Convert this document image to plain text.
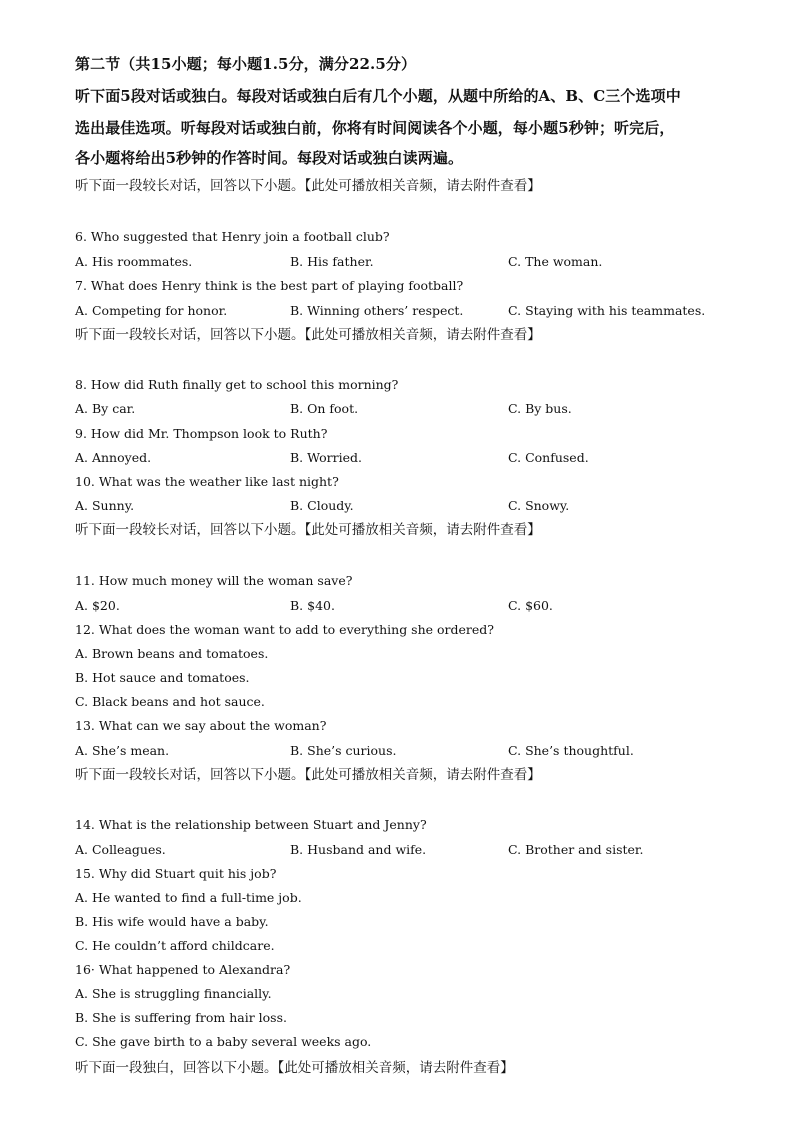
第二节（共15小题；每小题1.5分，满分22.5分）
听下面5段对话或独白。每段对话或独白后有几个小题，从题中所给的A、B、C三个选项中
选出最佳选项。听每段对话或独白前，你将有时间阅读各个小题，每小题5秒钟；听完后，
各小题将给出5秒钟的作答时间。每段对话或独白读两遍。
听下面一段较长对话，回答以下小题。【此处可播放相关音频，请去附件查看】
6. Who suggested that Henry join a football club?
A. His roommates.	B. His father.	C. The woman.
7. What does Henry think is the best part of playing football?
A. Competing for honor.	B. Winning others’ respect.	C. Staying with his teammates.
听下面一段较长对话，回答以下小题。【此处可播放相关音频，请去附件查看】
8. How did Ruth finally get to school this morning?
A. By car.	B. On foot.	C. By bus.
9. How did Mr. Thompson look to Ruth?
A. Annoyed.	B. Worried.	C. Confused.
10. What was the weather like last night?
A. Sunny.	B. Cloudy.	C. Snowy.
听下面一段较长对话，回答以下小题。【此处可播放相关音频，请去附件查看】
11. How much money will the woman save?
A. $20.	B. $40.	C. $60.
12. What does the woman want to add to everything she ordered?
A. Brown beans and tomatoes.
B. Hot sauce and tomatoes.
C. Black beans and hot sauce.
13. What can we say about the woman?
A. She’s mean.	B. She’s curious.	C. She’s thoughtful.
听下面一段较长对话，回答以下小题。【此处可播放相关音频，请去附件查看】
14. What is the relationship between Stuart and Jenny?
A. Colleagues.	B. Husband and wife.	C. Brother and sister.
15. Why did Stuart quit his job?
A. He wanted to find a full-time job.
B. His wife would have a baby.
C. He couldn’t afford childcare.
16· What happened to Alexandra?
A. She is struggling financially.
B. She is suffering from hair loss.
C. She gave birth to a baby several weeks ago.
听下面一段独白，回答以下小题。【此处可播放相关音频，请去附件查看】
